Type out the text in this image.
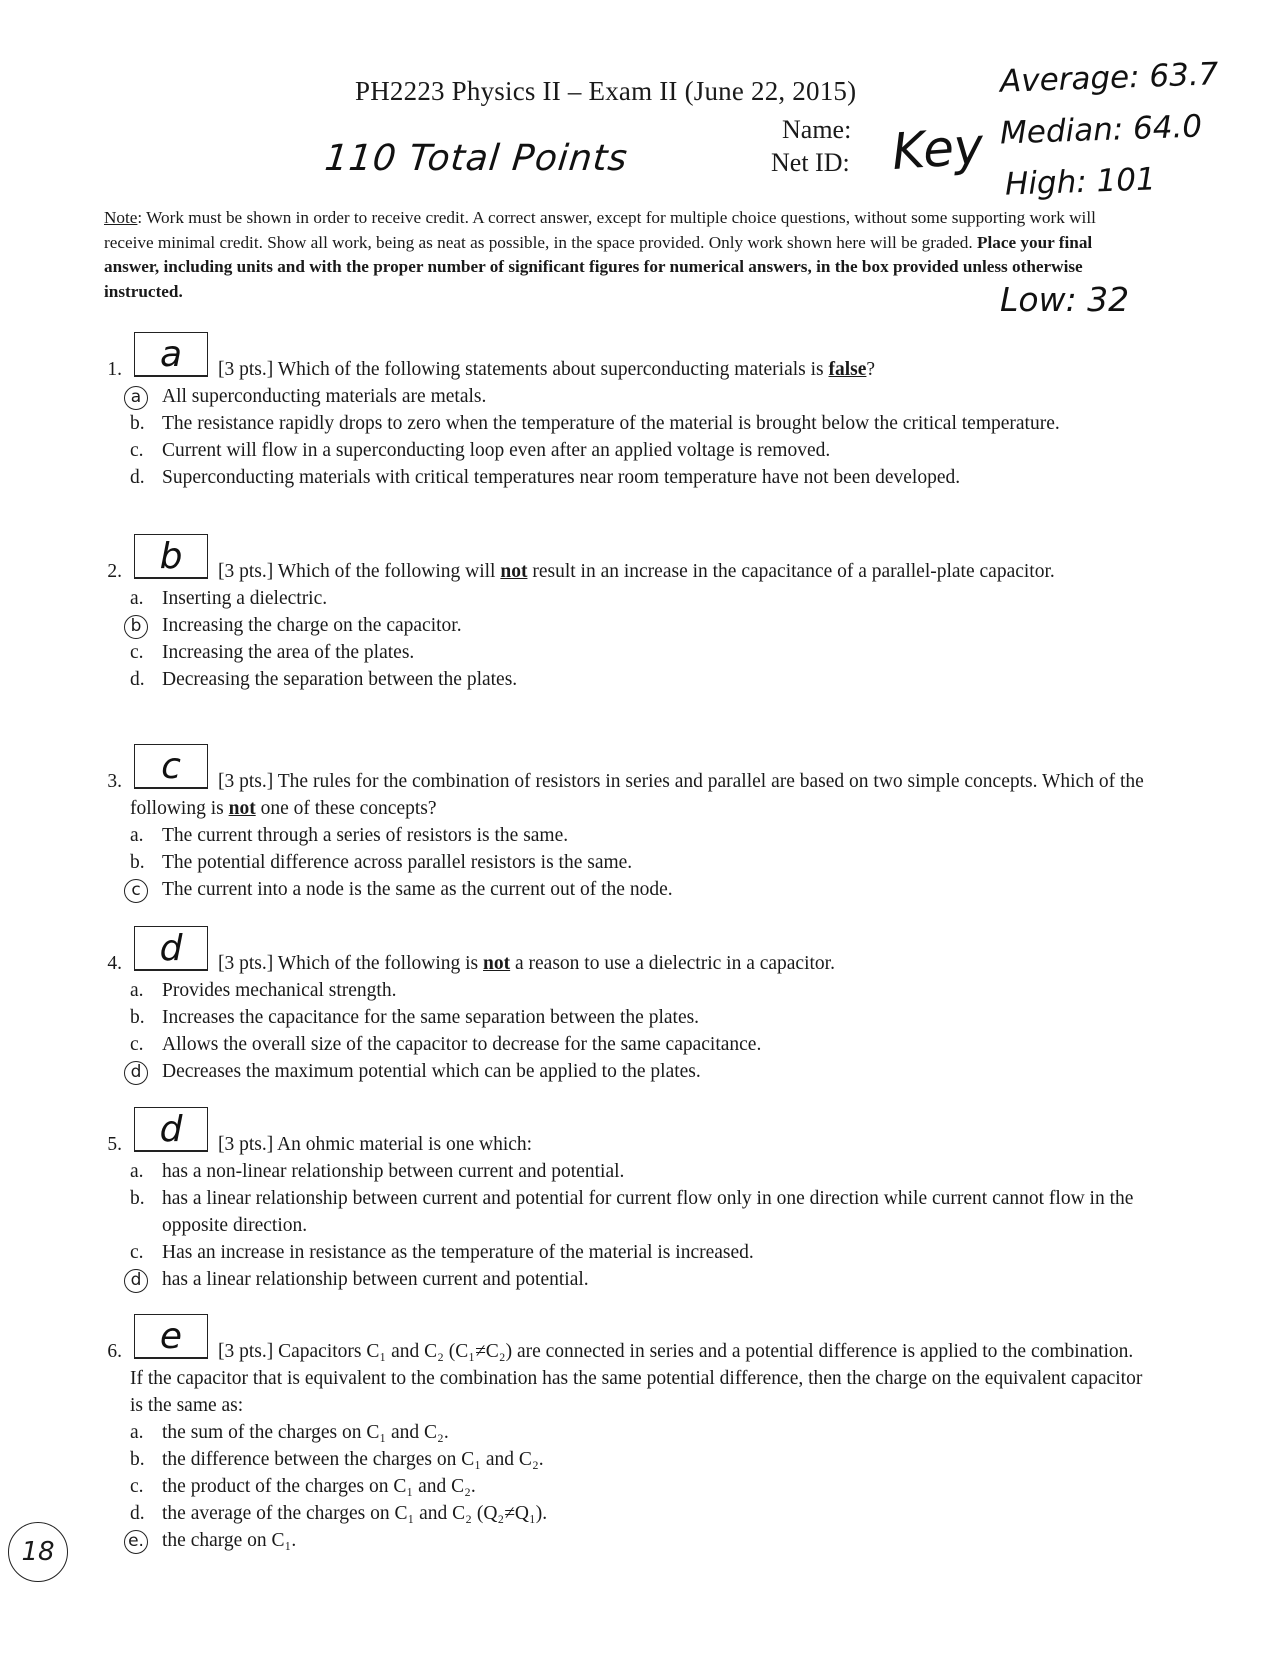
PH2223 Physics II – Exam II (June 22, 2015)
110 Total Points
Name:
Net ID: Key
Average: 63.7
Median: 64.0
High: 101
Low: 32
Note: Work must be shown in order to receive credit. A correct answer, except for multiple choice questions, without some supporting work will receive minimal credit. Show all work, being as neat as possible, in the space provided. Only work shown here will be graded. Place your final answer, including units and with the proper number of significant figures for numerical answers, in the box provided unless otherwise instructed.
1.	a	[3 pts.] Which of the following statements about superconducting materials is false?
a	All superconducting materials are metals.
b. The resistance rapidly drops to zero when the temperature of the material is brought below the critical temperature.
c. Current will flow in a superconducting loop even after an applied voltage is removed.
d. Superconducting materials with critical temperatures near room temperature have not been developed.
2.	b	[3 pts.] Which of the following will not result in an increase in the capacitance of a parallel-plate capacitor.
a. Inserting a dielectric.
b	Increasing the charge on the capacitor.
c. Increasing the area of the plates.
d. Decreasing the separation between the plates.
3.	c	[3 pts.] The rules for the combination of resistors in series and parallel are based on two simple concepts. Which of the following is not one of these concepts?
a. The current through a series of resistors is the same.
b. The potential difference across parallel resistors is the same.
c	The current into a node is the same as the current out of the node.
4.	d	[3 pts.] Which of the following is not a reason to use a dielectric in a capacitor.
a. Provides mechanical strength.
b. Increases the capacitance for the same separation between the plates.
c. Allows the overall size of the capacitor to decrease for the same capacitance.
d	Decreases the maximum potential which can be applied to the plates.
5.	d	[3 pts.] An ohmic material is one which:
a. has a non-linear relationship between current and potential.
b. has a linear relationship between current and potential for current flow only in one direction while current cannot flow in the opposite direction.
c. Has an increase in resistance as the temperature of the material is increased.
d	has a linear relationship between current and potential.
6.	e	[3 pts.] Capacitors C₁ and C₂ (C₁≠C₂) are connected in series and a potential difference is applied to the combination. If the capacitor that is equivalent to the combination has the same potential difference, then the charge on the equivalent capacitor is the same as:
a. the sum of the charges on C₁ and C₂.
b. the difference between the charges on C₁ and C₂.
c. the product of the charges on C₁ and C₂.
d. the average of the charges on C₁ and C₂ (Q₂≠Q₁).
e. the charge on C₁.
18
